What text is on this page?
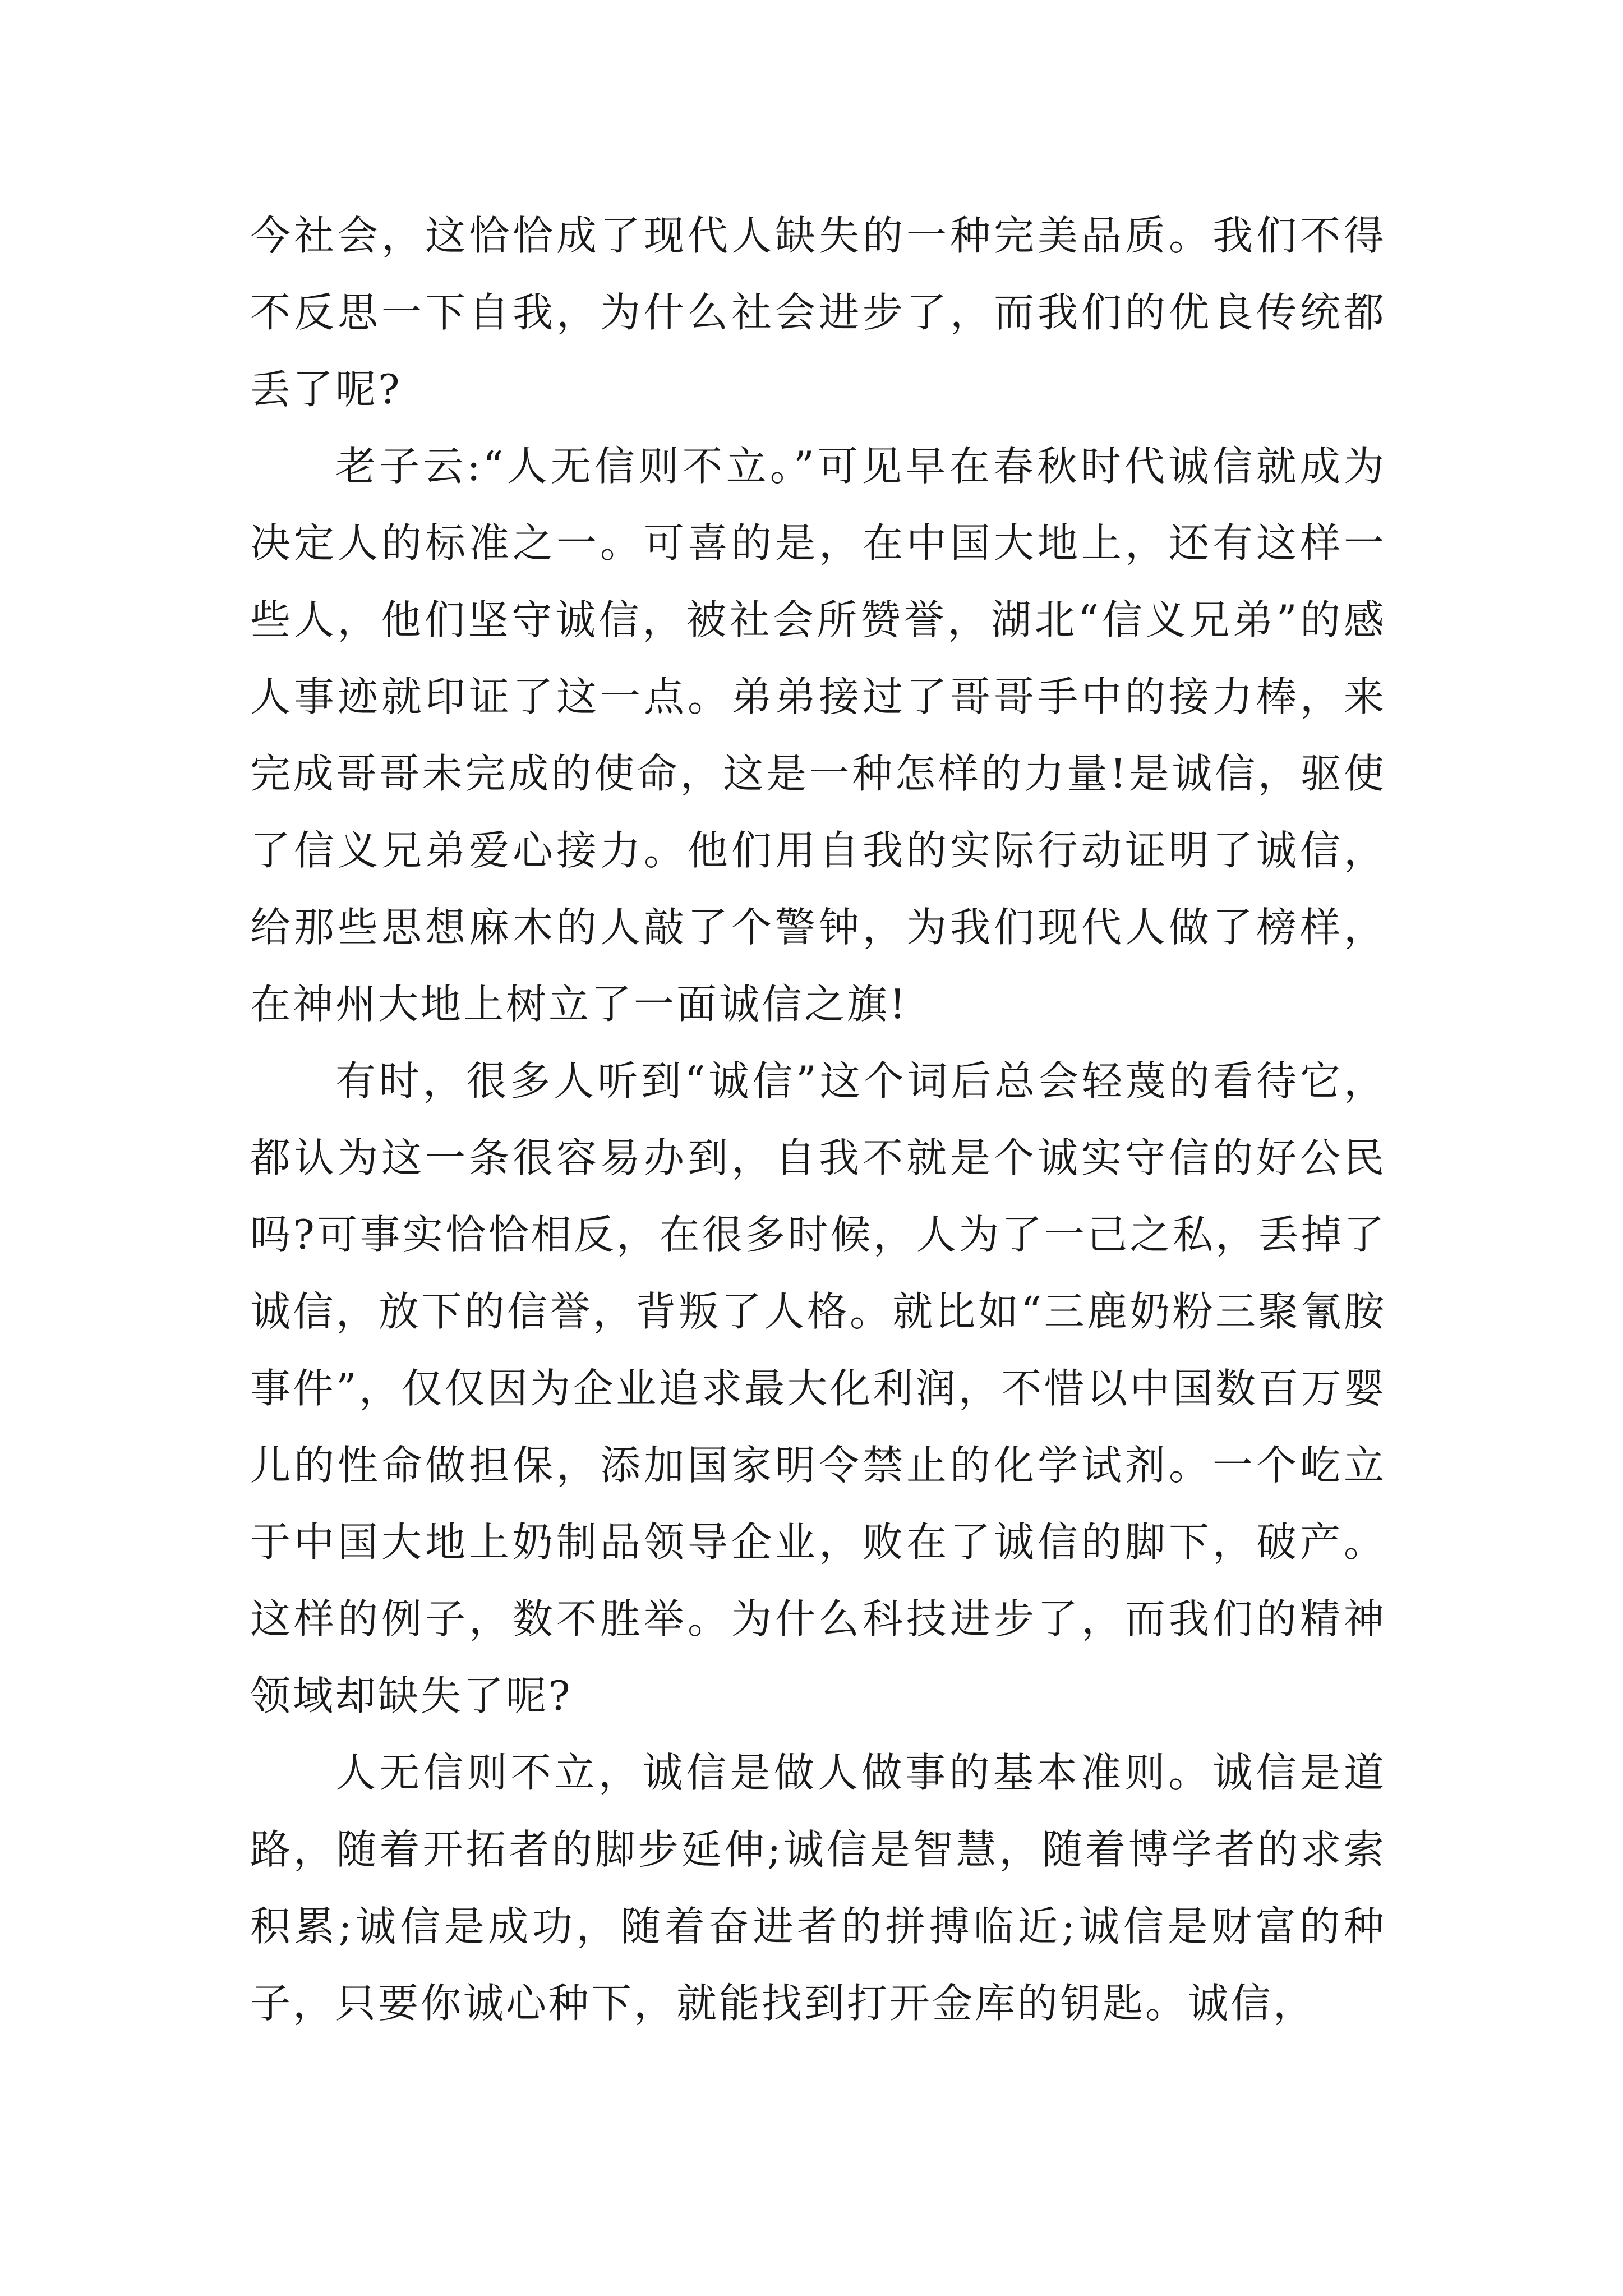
今社会，这恰恰成了现代人缺失的一种完美品质。我们不得不反思一下自我，为什么社会进步了，而我们的优良传统都丢了呢?

老子云:“人无信则不立。”可见早在春秋时代诚信就成为决定人的标准之一。可喜的是，在中国大地上，还有这样一些人，他们坚守诚信，被社会所赞誉，湖北“信义兄弟”的感人事迹就印证了这一点。弟弟接过了哥哥手中的接力棒，来完成哥哥未完成的使命，这是一种怎样的力量!是诚信，驱使了信义兄弟爱心接力。他们用自我的实际行动证明了诚信，给那些思想麻木的人敲了个警钟，为我们现代人做了榜样，在神州大地上树立了一面诚信之旗!

有时，很多人听到“诚信”这个词后总会轻蔑的看待它，都认为这一条很容易办到，自我不就是个诚实守信的好公民吗?可事实恰恰相反，在很多时候，人为了一己之私，丢掉了诚信，放下的信誉，背叛了人格。就比如“三鹿奶粉三聚氰胺事件”，仅仅因为企业追求最大化利润，不惜以中国数百万婴儿的性命做担保，添加国家明令禁止的化学试剂。一个屹立于中国大地上奶制品领导企业，败在了诚信的脚下，破产。这样的例子，数不胜举。为什么科技进步了，而我们的精神领域却缺失了呢?

人无信则不立，诚信是做人做事的基本准则。诚信是道路，随着开拓者的脚步延伸;诚信是智慧，随着博学者的求索积累;诚信是成功，随着奋进者的拼搏临近;诚信是财富的种子，只要你诚心种下，就能找到打开金库的钥匙。诚信，
